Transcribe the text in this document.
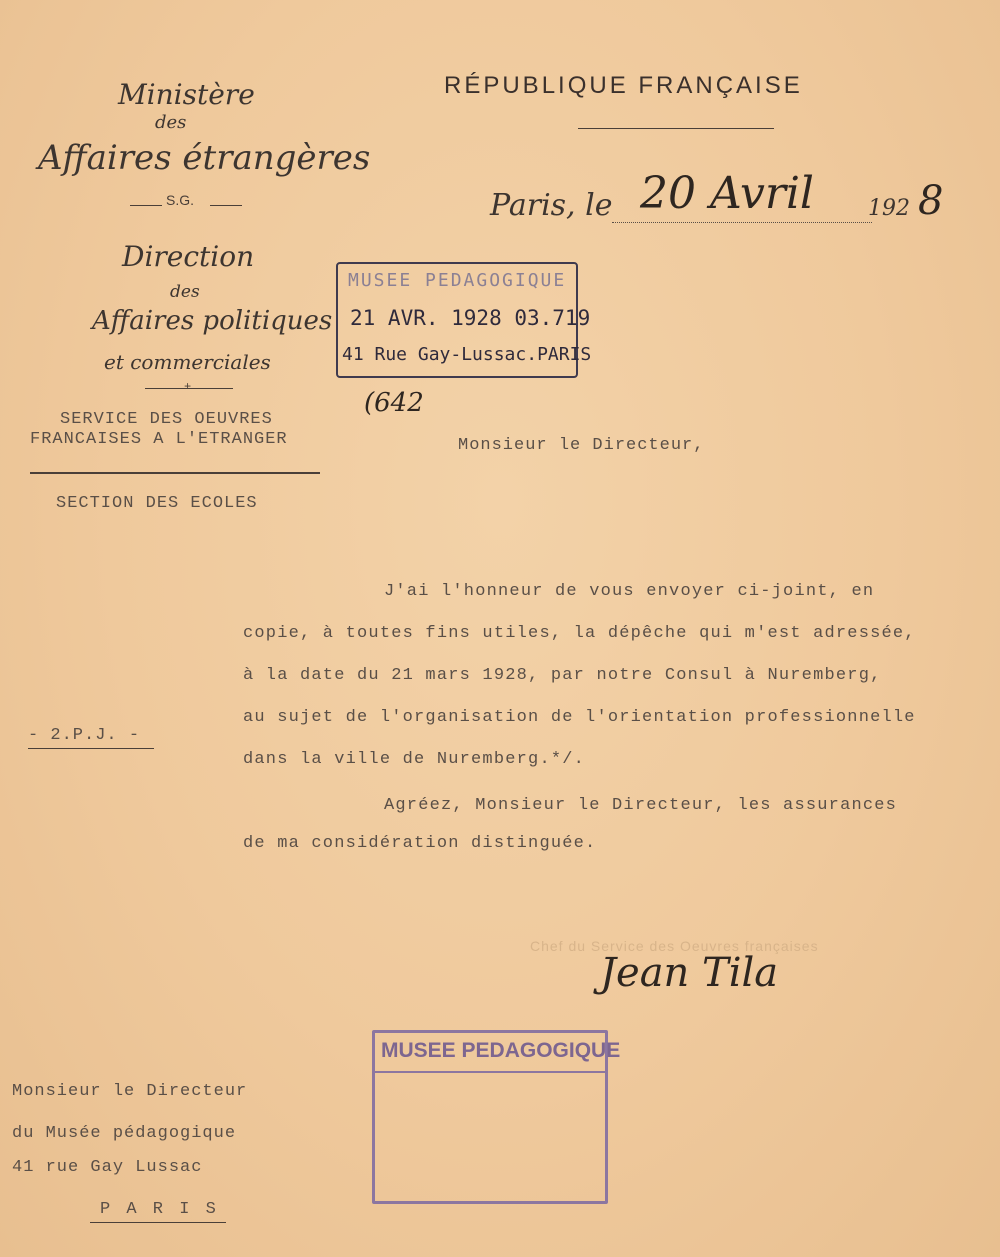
Ministère
des
Affaires étrangères
S.G.
Direction
des
Affaires politiques
et commerciales
+
SERVICE DES OEUVRES
FRANCAISES A L'ETRANGER
SECTION DES ECOLES
RÉPUBLIQUE FRANÇAISE
Paris, le 20 Avril 192 8
MUSEE PEDAGOGIQUE
21 AVR. 1928 03.719
41 Rue Gay-Lussac.PARIS
(642
Monsieur le Directeur,
J'ai l'honneur de vous envoyer ci-joint, en
copie, à toutes fins utiles, la dépêche qui m'est adressée,
à la date du 21 mars 1928, par notre Consul à Nuremberg,
au sujet de l'organisation de l'orientation professionnelle
dans la ville de Nuremberg.*/.
Agréez, Monsieur le Directeur, les assurances
de ma considération distinguée.
- 2.P.J. -
Chef du Service des Oeuvres françaises
Jean Tila
Monsieur le Directeur
du Musée pédagogique
41 rue Gay Lussac
P A R I S
MUSEE PEDAGOGIQUE
